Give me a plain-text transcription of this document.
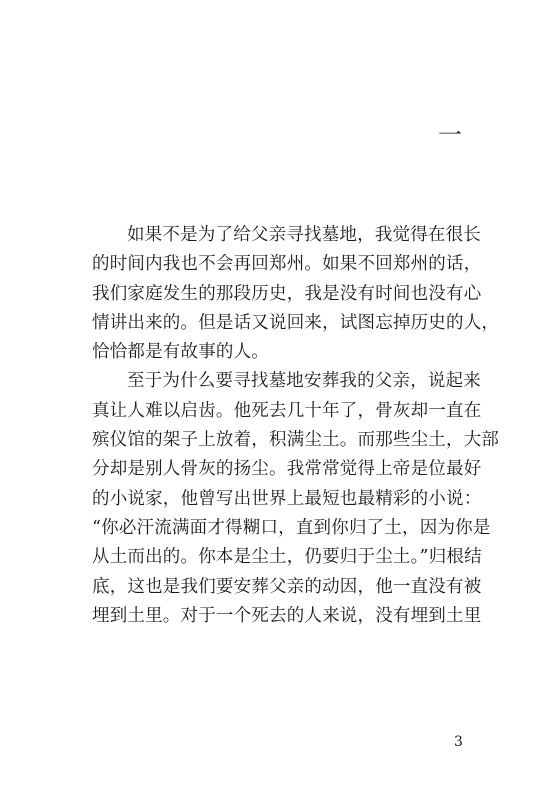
一
如果不是为了给父亲寻找墓地，我觉得在很长
的时间内我也不会再回郑州。如果不回郑州的话，
我们家庭发生的那段历史，我是没有时间也没有心
情讲出来的。但是话又说回来，试图忘掉历史的人，
恰恰都是有故事的人。
至于为什么要寻找墓地安葬我的父亲，说起来
真让人难以启齿。他死去几十年了，骨灰却一直在
殡仪馆的架子上放着，积满尘土。而那些尘土，大部
分却是别人骨灰的扬尘。我常常觉得上帝是位最好
的小说家，他曾写出世界上最短也最精彩的小说：
“你必汗流满面才得糊口，直到你归了土，因为你是
从土而出的。你本是尘土，仍要归于尘土。”归根结
底，这也是我们要安葬父亲的动因，他一直没有被
埋到土里。对于一个死去的人来说，没有埋到土里
3
